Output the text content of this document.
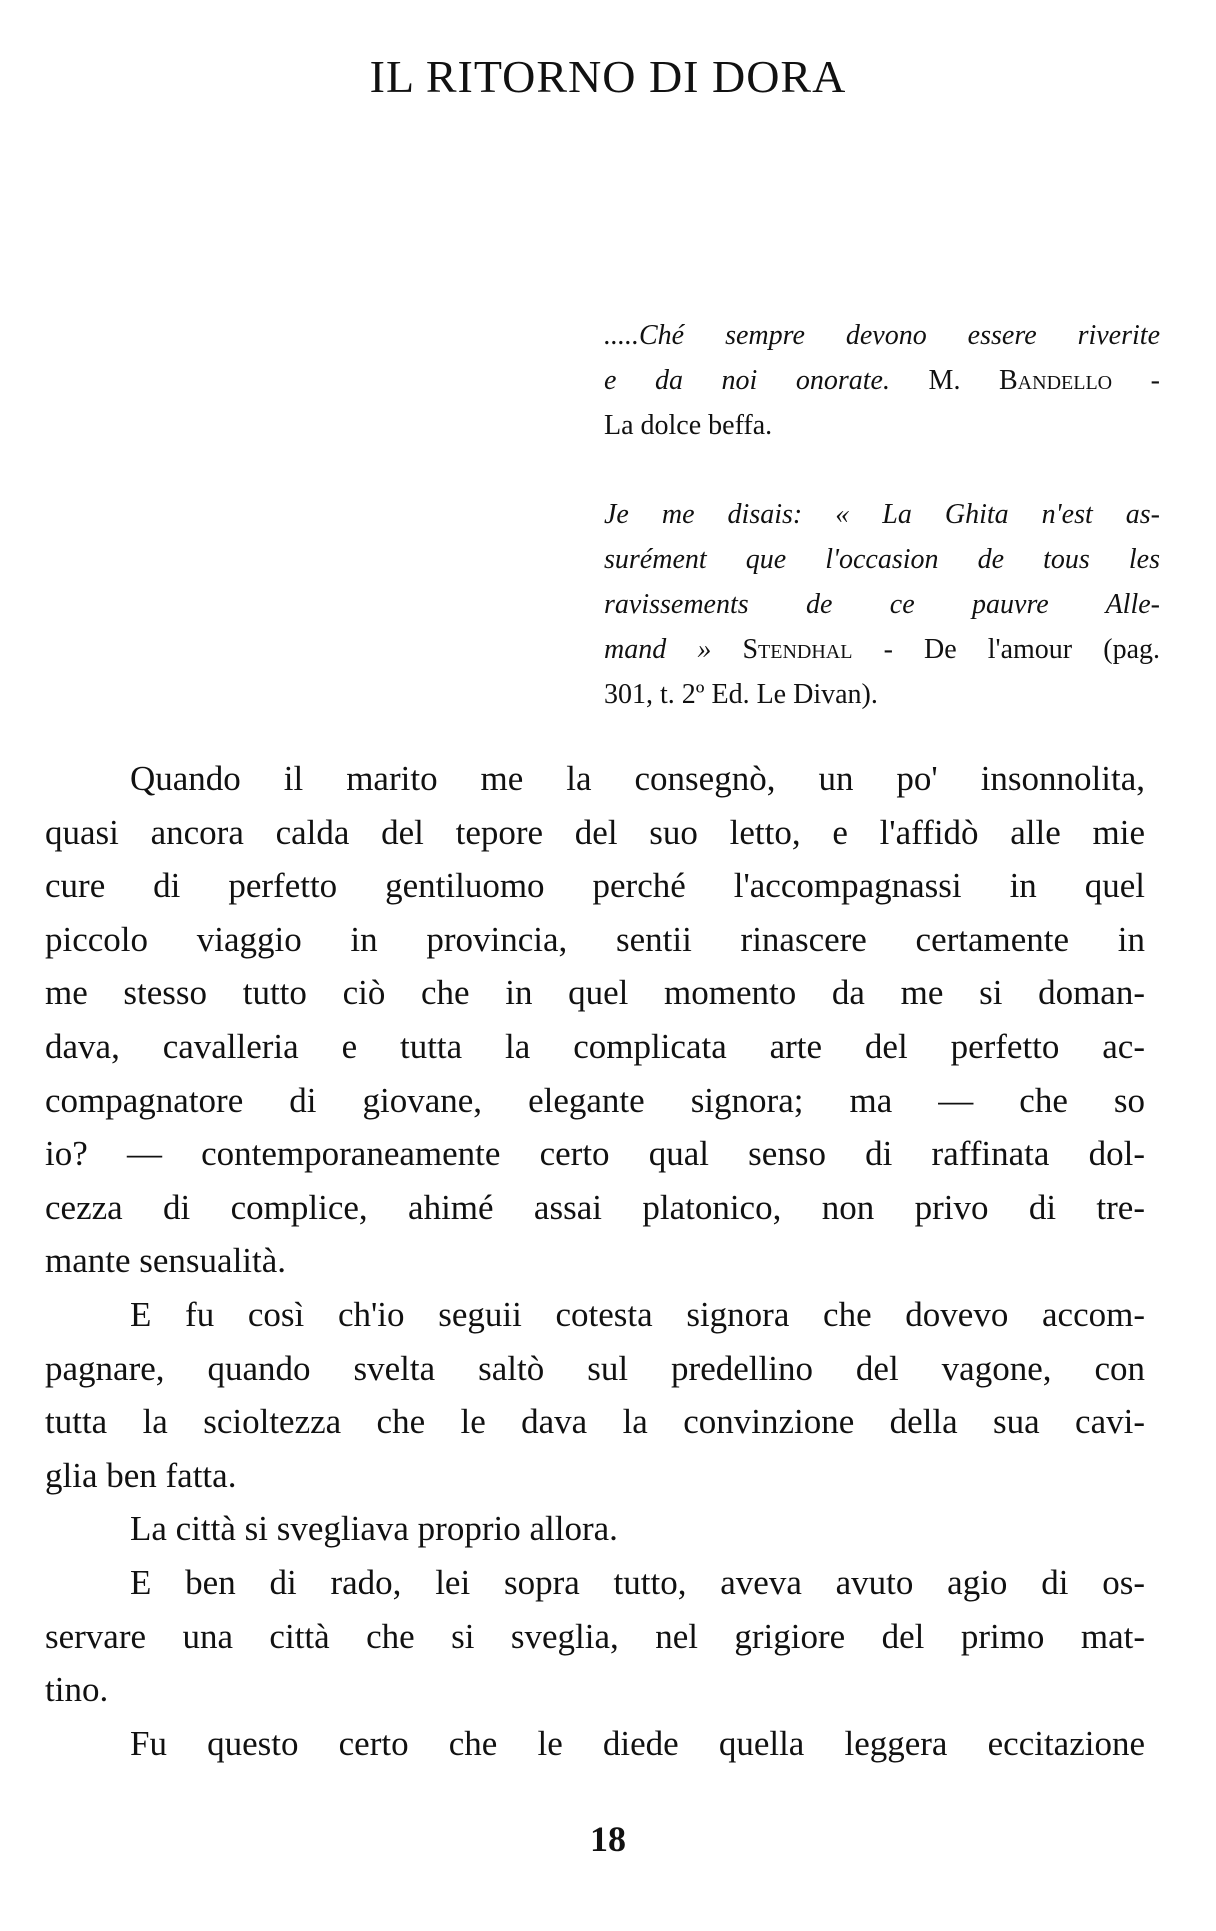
IL RITORNO DI DORA
.....Ché sempre devono essere riverite
e da noi onorate. M. Bandello -
La dolce beffa.
Je me disais: « La Ghita n'est as-
surément que l'occasion de tous les
ravissements de ce pauvre Alle-
mand » Stendhal - De l'amour (pag.
301, t. 2º Ed. Le Divan).
Quando il marito me la consegnò, un po' insonnolita,
quasi ancora calda del tepore del suo letto, e l'affidò alle mie
cure di perfetto gentiluomo perché l'accompagnassi in quel
piccolo viaggio in provincia, sentii rinascere certamente in
me stesso tutto ciò che in quel momento da me si doman-
dava, cavalleria e tutta la complicata arte del perfetto ac-
compagnatore di giovane, elegante signora; ma — che so
io? — contemporaneamente certo qual senso di raffinata dol-
cezza di complice, ahimé assai platonico, non privo di tre-
mante sensualità.
E fu così ch'io seguii cotesta signora che dovevo accom-
pagnare, quando svelta saltò sul predellino del vagone, con
tutta la scioltezza che le dava la convinzione della sua cavi-
glia ben fatta.
La città si svegliava proprio allora.
E ben di rado, lei sopra tutto, aveva avuto agio di os-
servare una città che si sveglia, nel grigiore del primo mat-
tino.
Fu questo certo che le diede quella leggera eccitazione
18
